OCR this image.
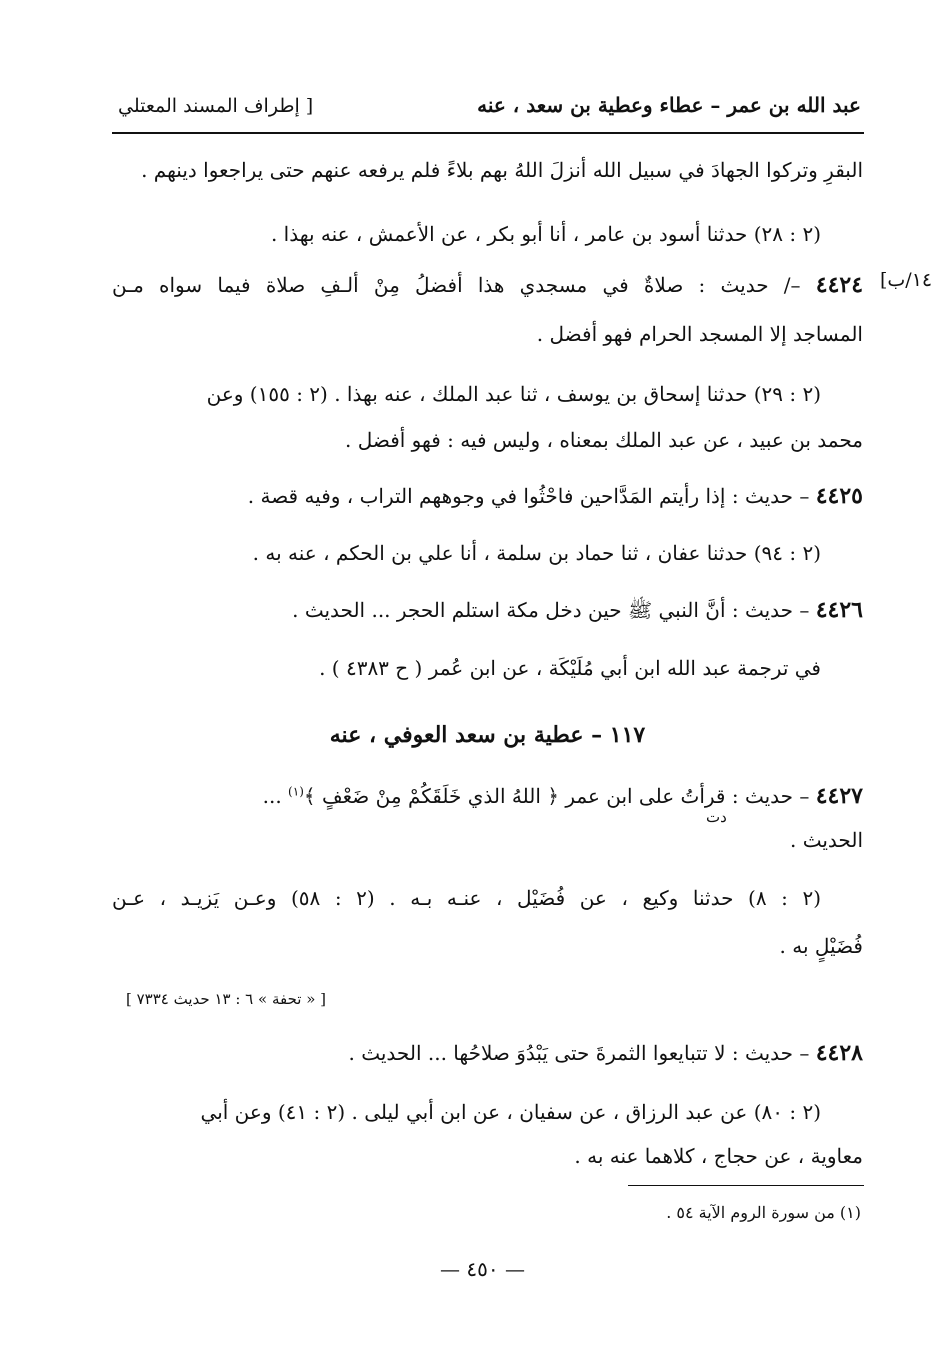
عبد الله بن عمر – عطاء وعطية بن سعد ، عنه
[ إطراف المسند المعتلي
١٤/ب]
البقرِ وتركوا الجهادَ في سبيل الله أنزلَ اللهُ بهم بلاءً فلم يرفعه عنهم حتى يراجعوا دينهم .
(٢ : ٢٨) حدثنا أسود بن عامر ، أنا أبو بكر ، عن الأعمش ، عنه بهذا .
٤٤٢٤ –/ حديث : صلاةٌ في مسجدي هذا أفضلُ مِنْ ألـفِ صلاة فيما سواه مـن
المساجد إلا المسجد الحرام فهو أفضل .
(٢ : ٢٩) حدثنا إسحاق بن يوسف ، ثنا عبد الملك ، عنه بهذا . (٢ : ١٥٥) وعن
محمد بن عبيد ، عن عبد الملك بمعناه ، وليس فيه : فهو أفضل .
٤٤٢٥ – حديث : إذا رأيتم المَدَّاحين فاحْثُوا في وجوههم التراب ، وفيه قصة .
(٢ : ٩٤) حدثنا عفان ، ثنا حماد بن سلمة ، أنا علي بن الحكم ، عنه به .
٤٤٢٦ – حديث : أنَّ النبي ﷺ حين دخل مكة استلم الحجر ... الحديث .
في ترجمة عبد الله ابن أبي مُلَيْكَة ، عن ابن عُمر ( ح ٤٣٨٣ ) .
١١٧ – عطية بن سعد العوفي ، عنه
٤٤٢٧ – حديث : قرأتُ على ابن عمر ﴿ اللهُ الذي خَلَقَكُمْ مِنْ ضَعْفٍ ﴾$^{(١)}$ ...
دت
الحديث .
(٢ : ٨) حدثنا وكيع ، عن فُضَيْل ، عنـه بـه . (٢ : ٥٨) وعـن يَزيـد ، عـن
فُضَيْلٍ به .
[ « تحفة » ٦ : ١٣ حديث ٧٣٣٤ ]
٤٤٢٨ – حديث : لا تتبايعوا الثمرةَ حتى يَبْدُوَ صلاحُها ... الحديث .
(٢ : ٨٠) عن عبد الرزاق ، عن سفيان ، عن ابن أبي ليلى . (٢ : ٤١) وعن أبي
معاوية ، عن حجاج ، كلاهما عنه به .
(١) من سورة الروم الآية ٥٤ .
— ٤٥٠ —
